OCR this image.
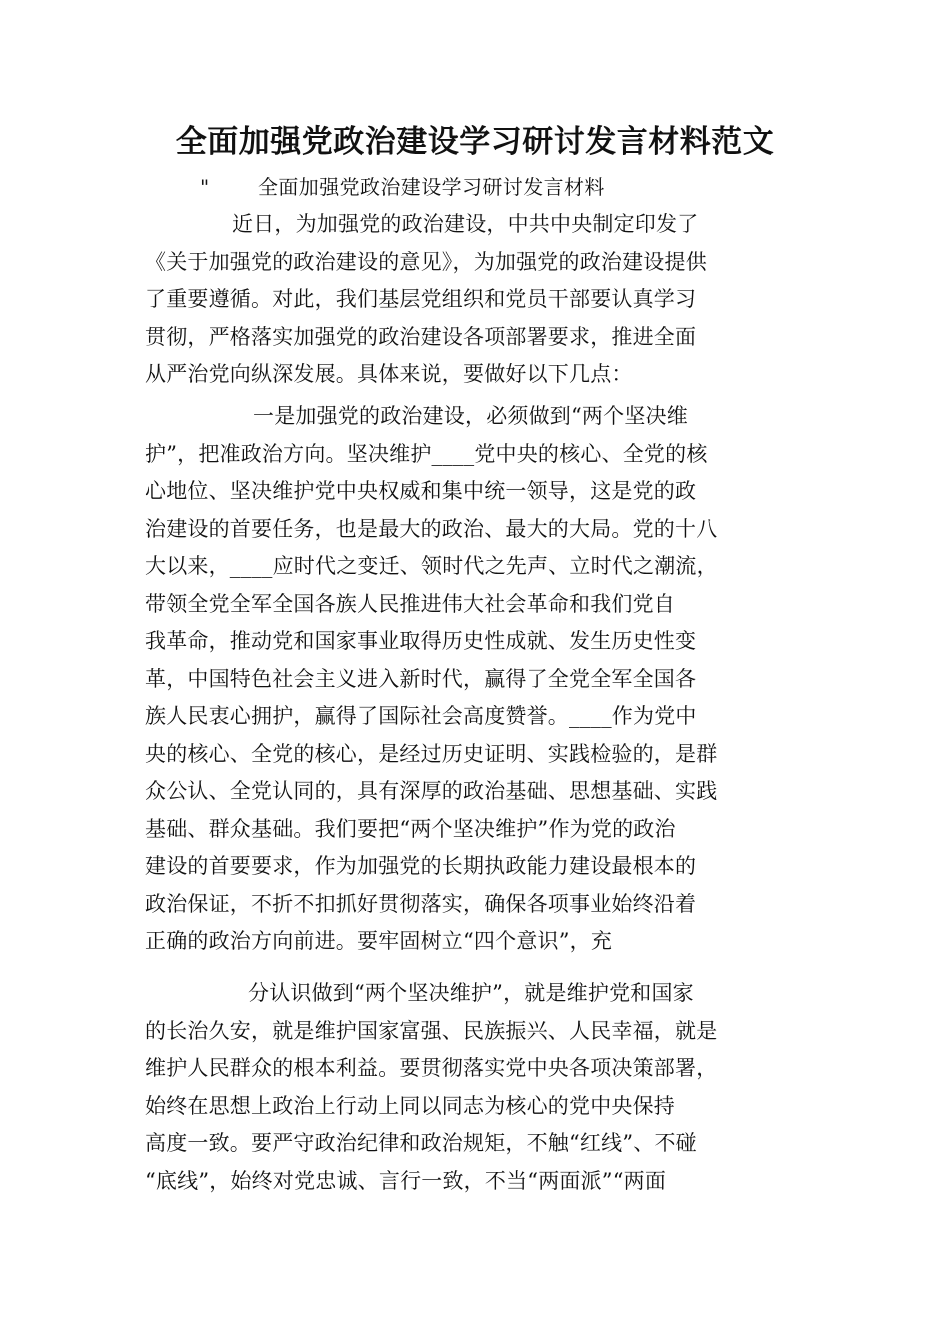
全面加强党政治建设学习研讨发言材料范文
" 全面加强党政治建设学习研讨发言材料
近日，为加强党的政治建设，中共中央制定印发了
《关于加强党的政治建设的意见》，为加强党的政治建设提供
了重要遵循。对此，我们基层党组织和党员干部要认真学习
贯彻，严格落实加强党的政治建设各项部署要求，推进全面
从严治党向纵深发展。具体来说，要做好以下几点：
一是加强党的政治建设，必须做到“两个坚决维
护”，把准政治方向。坚决维护____党中央的核心、全党的核
心地位、坚决维护党中央权威和集中统一领导，这是党的政
治建设的首要任务，也是最大的政治、最大的大局。党的十八
大以来，____应时代之变迁、领时代之先声、立时代之潮流，
带领全党全军全国各族人民推进伟大社会革命和我们党自
我革命，推动党和国家事业取得历史性成就、发生历史性变
革，中国特色社会主义进入新时代，赢得了全党全军全国各
族人民衷心拥护，赢得了国际社会高度赞誉。____作为党中
央的核心、全党的核心，是经过历史证明、实践检验的，是群
众公认、全党认同的，具有深厚的政治基础、思想基础、实践
基础、群众基础。我们要把“两个坚决维护”作为党的政治
建设的首要要求，作为加强党的长期执政能力建设最根本的
政治保证，不折不扣抓好贯彻落实，确保各项事业始终沿着
正确的政治方向前进。要牢固树立“四个意识”，充
分认识做到“两个坚决维护”，就是维护党和国家
的长治久安，就是维护国家富强、民族振兴、人民幸福，就是
维护人民群众的根本利益。要贯彻落实党中央各项决策部署，
始终在思想上政治上行动上同以同志为核心的党中央保持
高度一致。要严守政治纪律和政治规矩，不触“红线”、不碰
“底线”，始终对党忠诚、言行一致，不当“两面派”“两面
